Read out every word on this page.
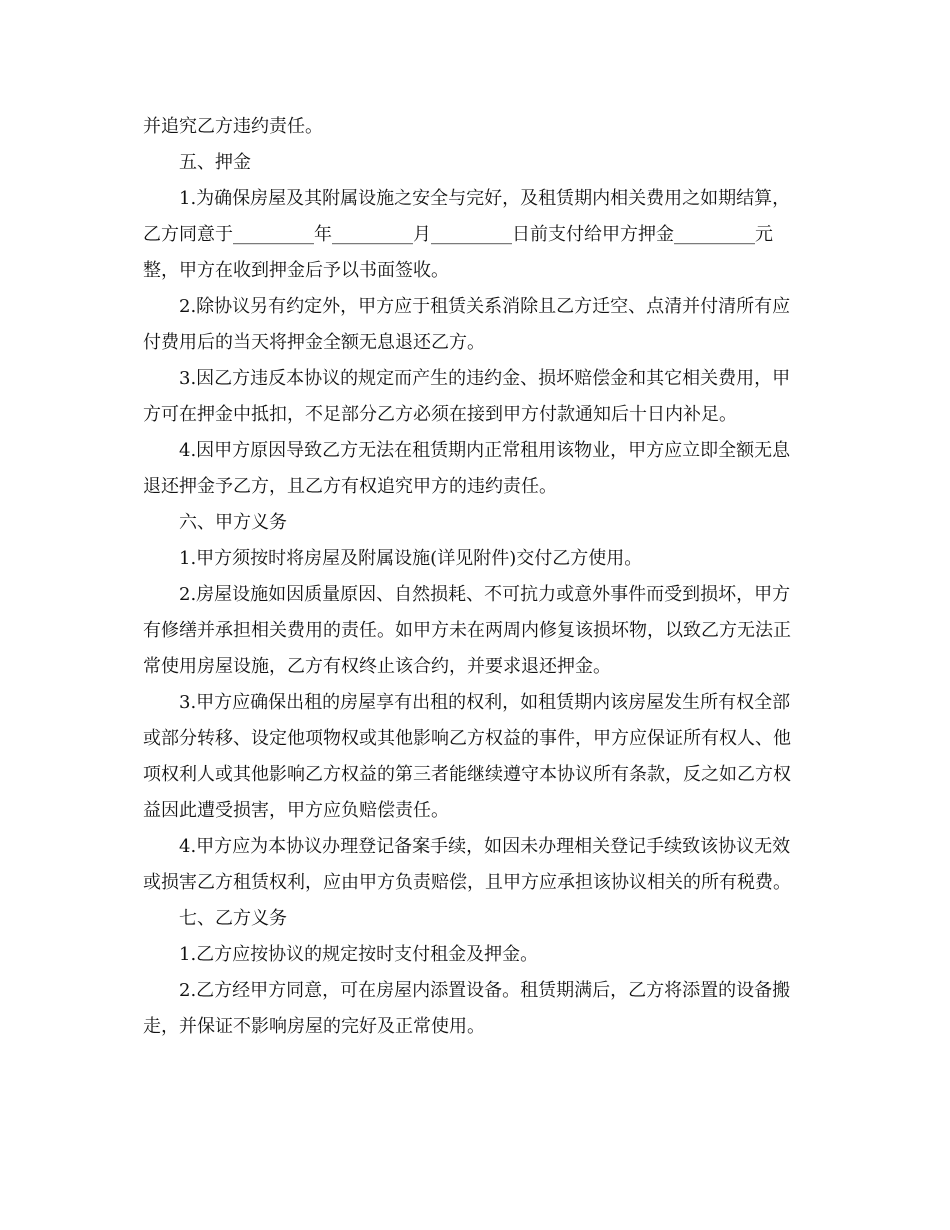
并追究乙方违约责任。

五、押金

1.为确保房屋及其附属设施之安全与完好，及租赁期内相关费用之如期结算，乙方同意于_________年_________月_________日前支付给甲方押金_________元整，甲方在收到押金后予以书面签收。

2.除协议另有约定外，甲方应于租赁关系消除且乙方迁空、点清并付清所有应付费用后的当天将押金全额无息退还乙方。

3.因乙方违反本协议的规定而产生的违约金、损坏赔偿金和其它相关费用，甲方可在押金中抵扣，不足部分乙方必须在接到甲方付款通知后十日内补足。

4.因甲方原因导致乙方无法在租赁期内正常租用该物业，甲方应立即全额无息退还押金予乙方，且乙方有权追究甲方的违约责任。

六、甲方义务

1.甲方须按时将房屋及附属设施(详见附件)交付乙方使用。

2.房屋设施如因质量原因、自然损耗、不可抗力或意外事件而受到损坏，甲方有修缮并承担相关费用的责任。如甲方未在两周内修复该损坏物，以致乙方无法正常使用房屋设施，乙方有权终止该合约，并要求退还押金。

3.甲方应确保出租的房屋享有出租的权利，如租赁期内该房屋发生所有权全部或部分转移、设定他项物权或其他影响乙方权益的事件，甲方应保证所有权人、他项权利人或其他影响乙方权益的第三者能继续遵守本协议所有条款，反之如乙方权益因此遭受损害，甲方应负赔偿责任。

4.甲方应为本协议办理登记备案手续，如因未办理相关登记手续致该协议无效或损害乙方租赁权利，应由甲方负责赔偿，且甲方应承担该协议相关的所有税费。

七、乙方义务

1.乙方应按协议的规定按时支付租金及押金。

2.乙方经甲方同意，可在房屋内添置设备。租赁期满后，乙方将添置的设备搬走，并保证不影响房屋的完好及正常使用。
